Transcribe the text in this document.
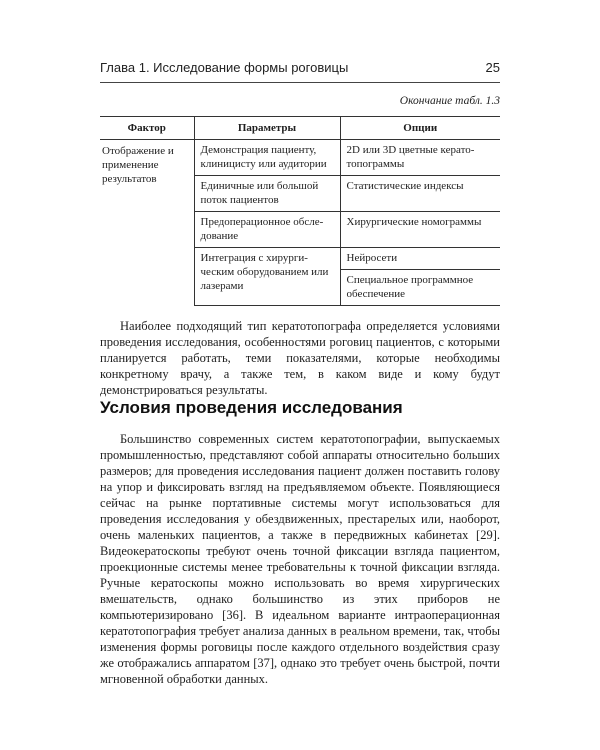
Глава 1. Исследование формы роговицы	25
Окончание табл. 1.3
Фактор	Параметры	Опции
Отображение и применение результатов	Демонстрация пациенту, клиницисту или аудитории	2D или 3D цветные кератотопограммы
	Единичные или большой поток пациентов	Статистические индексы
	Предоперационное обследование	Хирургические номограммы
	Интеграция с хирургическим оборудованием или лазерами	Нейросети
		Специальное программное обеспечение

Наиболее подходящий тип кератотопографа определяется условиями проведения исследования, особенностями роговиц пациентов, с которыми планируется работать, теми показателями, которые необходимы конкретному врачу, а также тем, в каком виде и кому будут демонстрироваться результаты.

Условия проведения исследования

Большинство современных систем кератотопографии, выпускаемых промышленностью, представляют собой аппараты относительно больших размеров; для проведения исследования пациент должен поставить голову на упор и фиксировать взгляд на предъявляемом объекте. Появляющиеся сейчас на рынке портативные системы могут использоваться для проведения исследования у обездвиженных, престарелых или, наоборот, очень маленьких пациентов, а также в передвижных кабинетах [29]. Видеокератоскопы требуют очень точной фиксации взгляда пациентом, проекционные системы менее требовательны к точной фиксации взгляда. Ручные кератоскопы можно использовать во время хирургических вмешательств, однако большинство из этих приборов не компьютеризировано [36]. В идеальном варианте интраоперационная кератотопография требует анализа данных в реальном времени, так, чтобы изменения формы роговицы после каждого отдельного воздействия сразу же отображались аппаратом [37], однако это требует очень быстрой, почти мгновенной обработки данных.
